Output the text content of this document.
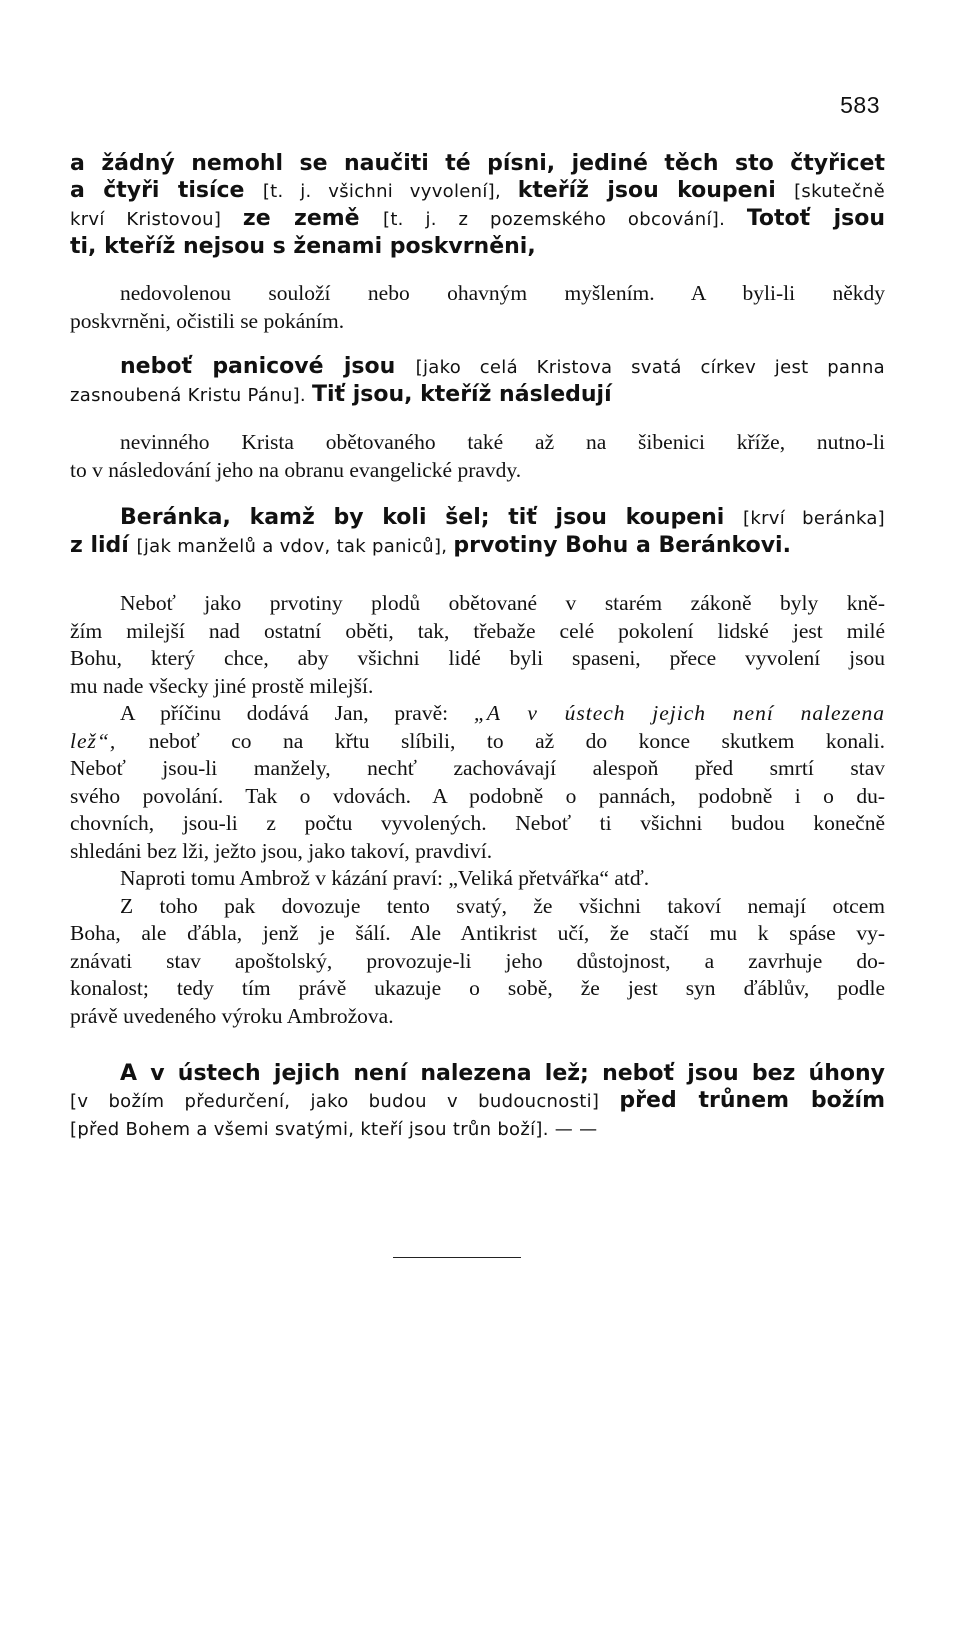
583
a žádný nemohl se naučiti té písni, jediné těch sto čtyřicet
a čtyři tisíce [t. j. všichni vyvolení], kteříž jsou koupeni [skutečně
krví Kristovou] ze země [t. j. z pozemského obcování]. Totoť jsou
ti, kteříž nejsou s ženami poskvrněni,
nedovolenou souloží nebo ohavným myšlením. A byli-li někdy
poskvrněni, očistili se pokáním.
neboť panicové jsou [jako celá Kristova svatá církev jest panna
zasnoubená Kristu Pánu]. Tiť jsou, kteříž následují
nevinného Krista obětovaného také až na šibenici kříže, nutno-li
to v následování jeho na obranu evangelické pravdy.
Beránka, kamž by koli šel; tiť jsou koupeni [krví beránka]
z lidí [jak manželů a vdov, tak paniců], prvotiny Bohu a Beránkovi.
Neboť jako prvotiny plodů obětované v starém zákoně byly kně-
žím milejší nad ostatní oběti, tak, třebaže celé pokolení lidské jest milé
Bohu, který chce, aby všichni lidé byli spaseni, přece vyvolení jsou
mu nade všecky jiné prostě milejší.
A příčinu dodává Jan, pravě: „A v ústech jejich není nalezena
lež“, neboť co na křtu slíbili, to až do konce skutkem konali.
Neboť jsou-li manžely, nechť zachovávají alespoň před smrtí stav
svého povolání. Tak o vdovách. A podobně o pannách, podobně i o du-
chovních, jsou-li z počtu vyvolených. Neboť ti všichni budou konečně
shledáni bez lži, ježto jsou, jako takoví, pravdiví.
Naproti tomu Ambrož v kázání praví: „Veliká přetvářka“ atď.
Z toho pak dovozuje tento svatý, že všichni takoví nemají otcem
Boha, ale ďábla, jenž je šálí. Ale Antikrist učí, že stačí mu k spáse vy-
znávati stav apoštolský, provozuje-li jeho důstojnost, a zavrhuje do-
konalost; tedy tím právě ukazuje o sobě, že jest syn ďáblův, podle
právě uvedeného výroku Ambrožova.
A v ústech jejich není nalezena lež; neboť jsou bez úhony
[v božím předurčení, jako budou v budoucnosti] před trůnem božím
[před Bohem a všemi svatými, kteří jsou trůn boží]. — —
